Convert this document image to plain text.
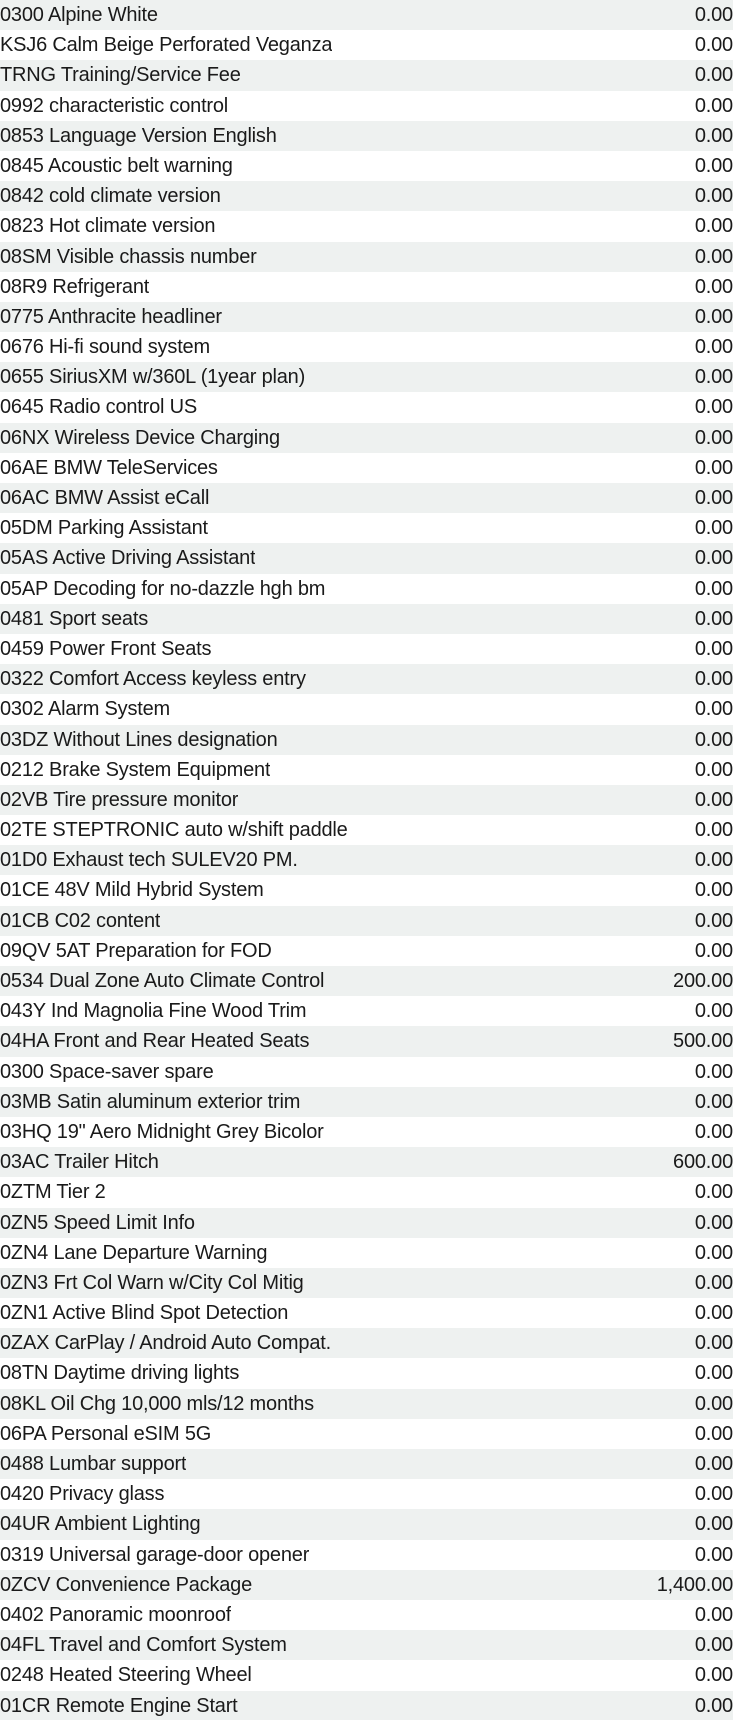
0300 Alpine White	0.00
KSJ6 Calm Beige Perforated Veganza	0.00
TRNG Training/Service Fee	0.00
0992 characteristic control	0.00
0853 Language Version English	0.00
0845 Acoustic belt warning	0.00
0842 cold climate version	0.00
0823 Hot climate version	0.00
08SM Visible chassis number	0.00
08R9 Refrigerant	0.00
0775 Anthracite headliner	0.00
0676 Hi-fi sound system	0.00
0655 SiriusXM w/360L (1year plan)	0.00
0645 Radio control US	0.00
06NX Wireless Device Charging	0.00
06AE BMW TeleServices	0.00
06AC BMW Assist eCall	0.00
05DM Parking Assistant	0.00
05AS Active Driving Assistant	0.00
05AP Decoding for no-dazzle hgh bm	0.00
0481 Sport seats	0.00
0459 Power Front Seats	0.00
0322 Comfort Access keyless entry	0.00
0302 Alarm System	0.00
03DZ Without Lines designation	0.00
0212 Brake System Equipment	0.00
02VB Tire pressure monitor	0.00
02TE STEPTRONIC auto w/shift paddle	0.00
01D0 Exhaust tech SULEV20 PM.	0.00
01CE 48V Mild Hybrid System	0.00
01CB C02 content	0.00
09QV 5AT Preparation for FOD	0.00
0534 Dual Zone Auto Climate Control	200.00
043Y Ind Magnolia Fine Wood Trim	0.00
04HA Front and Rear Heated Seats	500.00
0300 Space-saver spare	0.00
03MB Satin aluminum exterior trim	0.00
03HQ 19" Aero Midnight Grey Bicolor	0.00
03AC Trailer Hitch	600.00
0ZTM Tier 2	0.00
0ZN5 Speed Limit Info	0.00
0ZN4 Lane Departure Warning	0.00
0ZN3 Frt Col Warn w/City Col Mitig	0.00
0ZN1 Active Blind Spot Detection	0.00
0ZAX CarPlay / Android Auto Compat.	0.00
08TN Daytime driving lights	0.00
08KL Oil Chg 10,000 mls/12 months	0.00
06PA Personal eSIM 5G	0.00
0488 Lumbar support	0.00
0420 Privacy glass	0.00
04UR Ambient Lighting	0.00
0319 Universal garage-door opener	0.00
0ZCV Convenience Package	1,400.00
0402 Panoramic moonroof	0.00
04FL Travel and Comfort System	0.00
0248 Heated Steering Wheel	0.00
01CR Remote Engine Start	0.00
